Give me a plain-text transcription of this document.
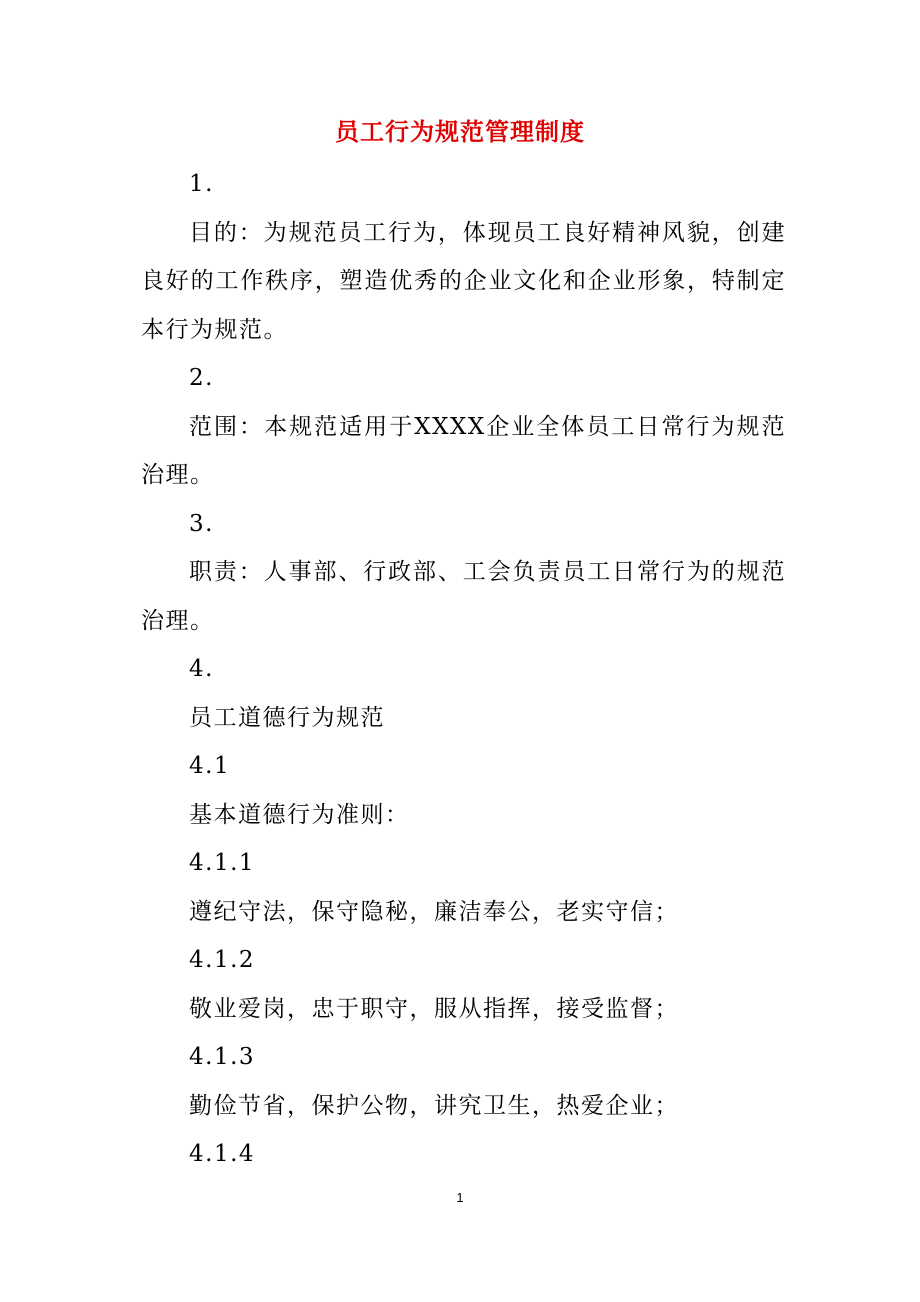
员工行为规范管理制度

1.

目的：为规范员工行为，体现员工良好精神风貌，创建良好的工作秩序，塑造优秀的企业文化和企业形象，特制定本行为规范。

2.

范围：本规范适用于XXXX企业全体员工日常行为规范治理。

3.

职责：人事部、行政部、工会负责员工日常行为的规范治理。

4.

员工道德行为规范

4.1

基本道德行为准则：

4.1.1

遵纪守法，保守隐秘，廉洁奉公，老实守信；

4.1.2

敬业爱岗，忠于职守，服从指挥，接受监督；

4.1.3

勤俭节省，保护公物，讲究卫生，热爱企业；

4.1.4

1
